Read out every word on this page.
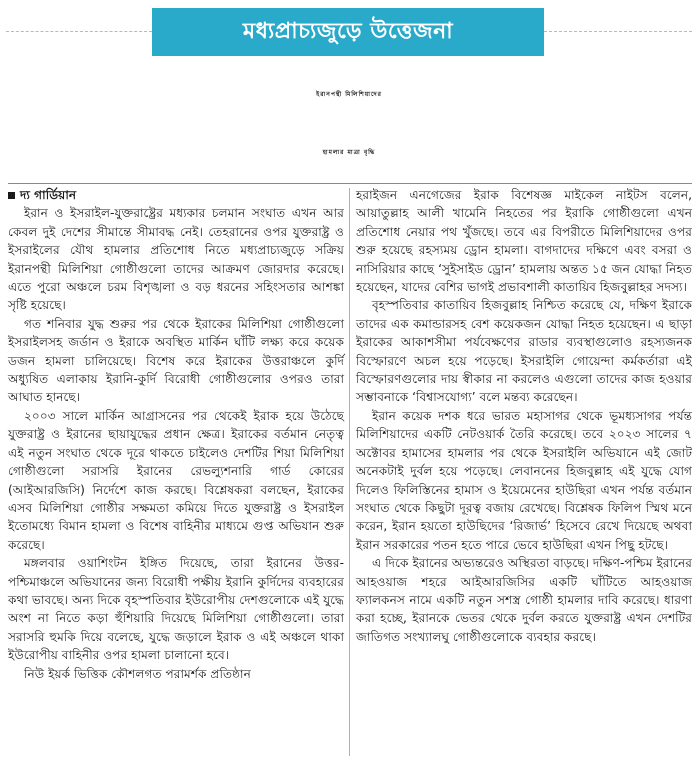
মধ্যপ্রাচ্যজুড়ে উত্তেজনা
ইরানপন্থী মিলিশিয়াদের
হামলার মাত্রা বৃদ্ধি
দ্য গার্ডিয়ান

ইরান ও ইসরাইল-যুক্তরাষ্ট্রের মধ্যকার চলমান সংঘাত এখন আর কেবল দুই দেশের সীমান্তে সীমাবদ্ধ নেই। তেহরানের ওপর যুক্তরাষ্ট্র ও ইসরাইলের যৌথ হামলার প্রতিশোধ নিতে মধ্যপ্রাচ্যজুড়ে সক্রিয় ইরানপন্থী মিলিশিয়া গোষ্ঠীগুলো তাদের আক্রমণ জোরদার করেছে। এতে পুরো অঞ্চলে চরম বিশৃঙ্খলা ও বড় ধরনের সহিংসতার আশঙ্কা সৃষ্টি হয়েছে।

গত শনিবার যুদ্ধ শুরুর পর থেকে ইরাকের মিলিশিয়া গোষ্ঠীগুলো ইসরাইলসহ জর্ডান ও ইরাকে অবস্থিত মার্কিন ঘাঁটি লক্ষ্য করে কয়েক ডজন হামলা চালিয়েছে। বিশেষ করে ইরাকের উত্তরাঞ্চলে কুর্দি অধ্যুষিত এলাকায় ইরানি-কুর্দি বিরোধী গোষ্ঠীগুলোর ওপরও তারা আঘাত হানছে।

২০০৩ সালে মার্কিন আগ্রাসনের পর থেকেই ইরাক হয়ে উঠেছে যুক্তরাষ্ট্র ও ইরানের ছায়াযুদ্ধের প্রধান ক্ষেত্র। ইরাকের বর্তমান নেতৃত্ব এই নতুন সংঘাত থেকে দূরে থাকতে চাইলেও দেশটির শিয়া মিলিশিয়া গোষ্ঠীগুলো সরাসরি ইরানের রেভল্যুশনারি গার্ড কোরের (আইআরজিসি) নির্দেশে কাজ করছে। বিশ্লেষকরা বলছেন, ইরাকের এসব মিলিশিয়া গোষ্ঠীর সক্ষমতা কমিয়ে দিতে যুক্তরাষ্ট্র ও ইসরাইল ইতোমধ্যে বিমান হামলা ও বিশেষ বাহিনীর মাধ্যমে গুপ্ত অভিযান শুরু করেছে।

মঙ্গলবার ওয়াশিংটন ইঙ্গিত দিয়েছে, তারা ইরানের উত্তর-পশ্চিমাঞ্চলে অভিযানের জন্য বিরোধী পক্ষীয় ইরানি কুর্দিদের ব্যবহারের কথা ভাবছে। অন্য দিকে বৃহস্পতিবার ইউরোপীয় দেশগুলোকে এই যুদ্ধে অংশ না নিতে কড়া হুঁশিয়ারি দিয়েছে মিলিশিয়া গোষ্ঠীগুলো। তারা সরাসরি হুমকি দিয়ে বলেছে, যুদ্ধে জড়ালে ইরাক ও এই অঞ্চলে থাকা ইউরোপীয় বাহিনীর ওপর হামলা চালানো হবে।

নিউ ইয়র্ক ভিত্তিক কৌশলগত পরামর্শক প্রতিষ্ঠান

হরাইজন এনগেজের ইরাক বিশেষজ্ঞ মাইকেল নাইটস বলেন, আয়াতুল্লাহ আলী খামেনি নিহতের পর ইরাকি গোষ্ঠীগুলো এখন প্রতিশোধ নেয়ার পথ খুঁজছে। তবে এর বিপরীতে মিলিশিয়াদের ওপর শুরু হয়েছে রহস্যময় ড্রোন হামলা। বাগদাদের দক্ষিণে এবং বসরা ও নাসিরিয়ার কাছে ‘সুইসাইড ড্রোন’ হামলায় অন্তত ১৫ জন যোদ্ধা নিহত হয়েছেন, যাদের বেশির ভাগই প্রভাবশালী কাতায়িব হিজবুল্লাহর সদস্য।

বৃহস্পতিবার কাতায়িব হিজবুল্লাহ নিশ্চিত করেছে যে, দক্ষিণ ইরাকে তাদের এক কমান্ডারসহ বেশ কয়েকজন যোদ্ধা নিহত হয়েছেন। এ ছাড়া ইরাকের আকাশসীমা পর্যবেক্ষণের রাডার ব্যবস্থাগুলোও রহস্যজনক বিস্ফোরণে অচল হয়ে পড়েছে। ইসরাইলি গোয়েন্দা কর্মকর্তারা এই বিস্ফোরণগুলোর দায় স্বীকার না করলেও এগুলো তাদের কাজ হওয়ার সম্ভাবনাকে ‘বিশ্বাসযোগ্য’ বলে মন্তব্য করেছেন।

ইরান কয়েক দশক ধরে ভারত মহাসাগর থেকে ভূমধ্যসাগর পর্যন্ত মিলিশিয়াদের একটি নেটওয়ার্ক তৈরি করেছে। তবে ২০২৩ সালের ৭ অক্টোবর হামাসের হামলার পর থেকে ইসরাইলি অভিযানে এই জোট অনেকটাই দুর্বল হয়ে পড়েছে। লেবাননের হিজবুল্লাহ এই যুদ্ধে যোগ দিলেও ফিলিস্তিনের হামাস ও ইয়েমেনের হাউছিরা এখন পর্যন্ত বর্তমান সংঘাত থেকে কিছুটা দূরত্ব বজায় রেখেছে। বিশ্লেষক ফিলিপ স্মিথ মনে করেন, ইরান হয়তো হাউছিদের ‘রিজার্ভ’ হিসেবে রেখে দিয়েছে অথবা ইরান সরকারের পতন হতে পারে ভেবে হাউছিরা এখন পিছু হটছে।

এ দিকে ইরানের অভ্যন্তরেও অস্থিরতা বাড়ছে। দক্ষিণ-পশ্চিম ইরানের আহওয়াজ শহরে আইআরজিসির একটি ঘাঁটিতে আহওয়াজ ফ্যালকনস নামে একটি নতুন সশস্ত্র গোষ্ঠী হামলার দাবি করেছে। ধারণা করা হচ্ছে, ইরানকে ভেতর থেকে দুর্বল করতে যুক্তরাষ্ট্র এখন দেশটির জাতিগত সংখ্যালঘু গোষ্ঠীগুলোকে ব্যবহার করছে।
